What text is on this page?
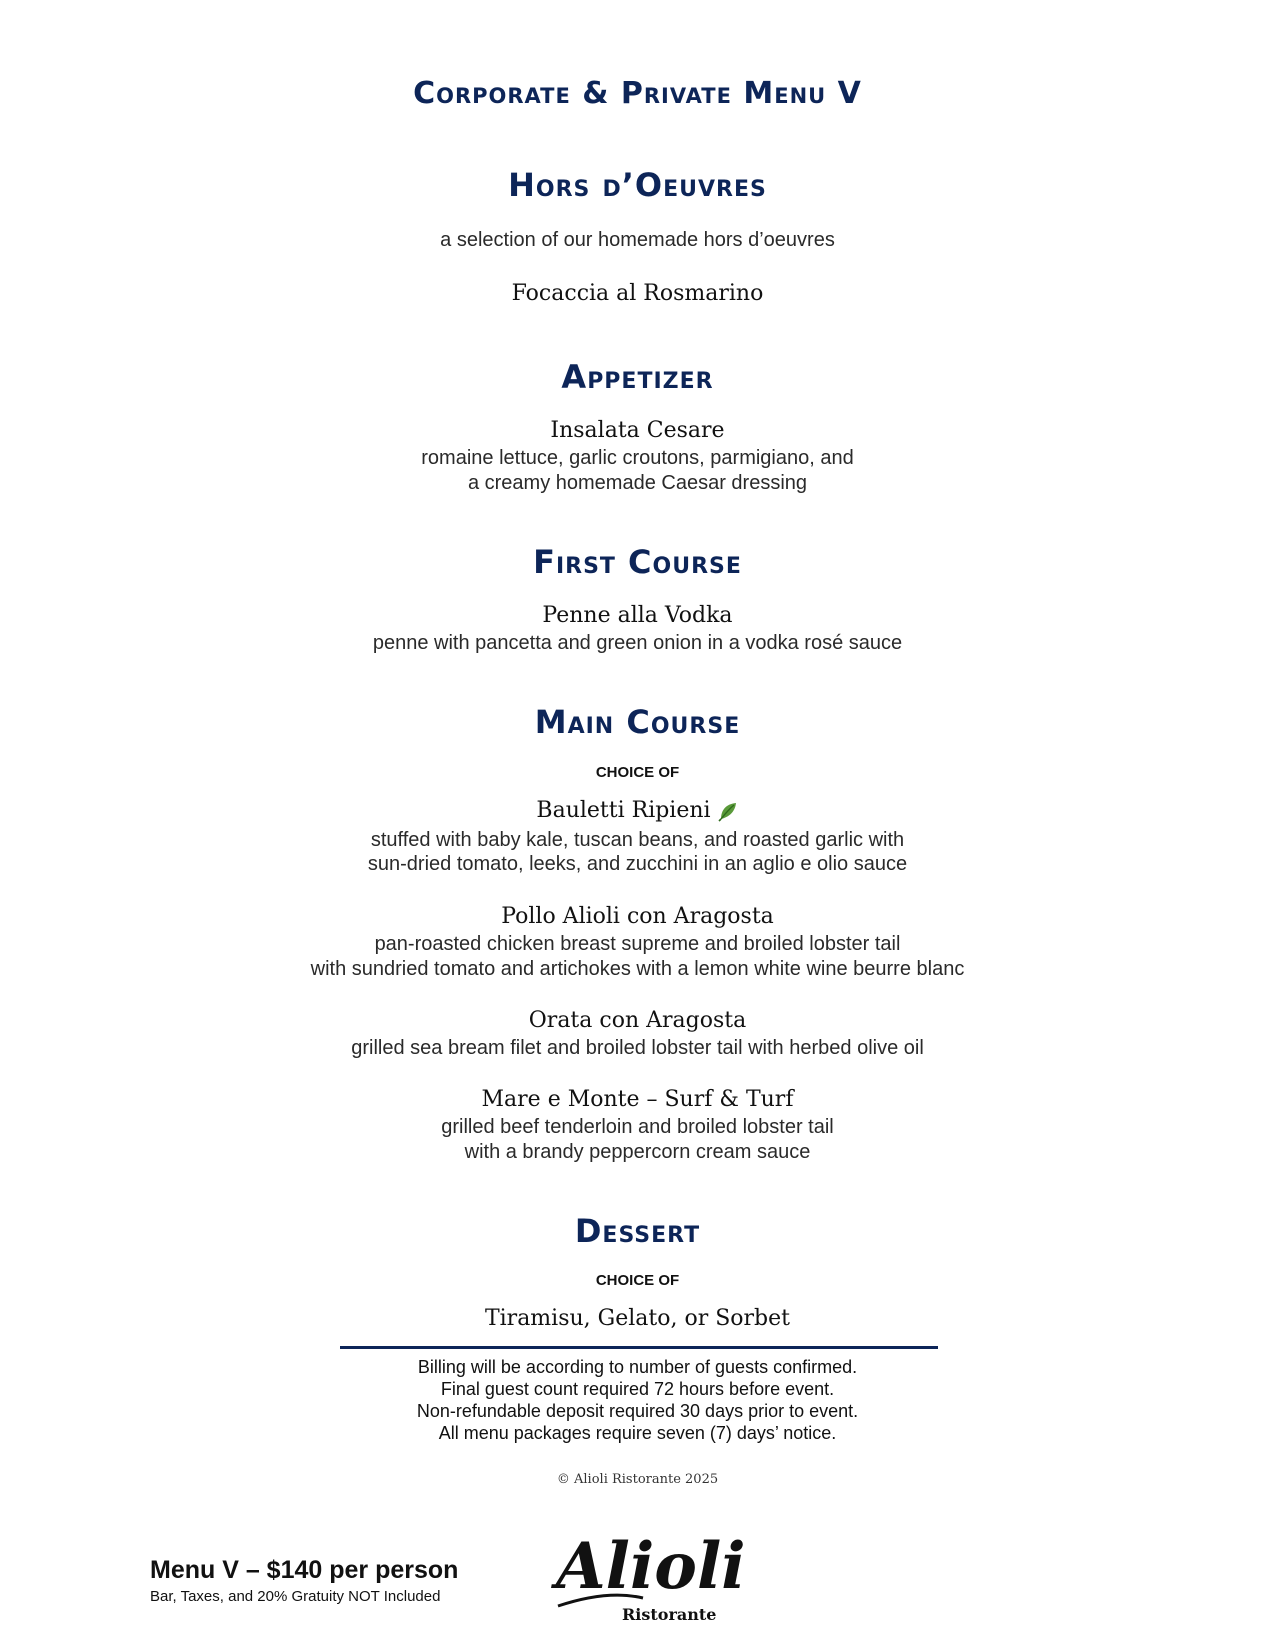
Corporate & Private Menu V
Hors d’Oeuvres
a selection of our homemade hors d’oeuvres
Focaccia al Rosmarino
Appetizer
Insalata Cesare
romaine lettuce, garlic croutons, parmigiano, and
a creamy homemade Caesar dressing
First Course
Penne alla Vodka
penne with pancetta and green onion in a vodka rosé sauce
Main Course
CHOICE OF
Bauletti Ripieni
stuffed with baby kale, tuscan beans, and roasted garlic with
sun-dried tomato, leeks, and zucchini in an aglio e olio sauce
Pollo Alioli con Aragosta
pan-roasted chicken breast supreme and broiled lobster tail
with sundried tomato and artichokes with a lemon white wine beurre blanc
Orata con Aragosta
grilled sea bream filet and broiled lobster tail with herbed olive oil
Mare e Monte – Surf & Turf
grilled beef tenderloin and broiled lobster tail
with a brandy peppercorn cream sauce
Dessert
CHOICE OF
Tiramisu, Gelato, or Sorbet
Billing will be according to number of guests confirmed.
Final guest count required 72 hours before event.
Non-refundable deposit required 30 days prior to event.
All menu packages require seven (7) days’ notice.
© Alioli Ristorante 2025
Menu V – $140 per person
Bar, Taxes, and 20% Gratuity NOT Included Alioli
Ristorante
